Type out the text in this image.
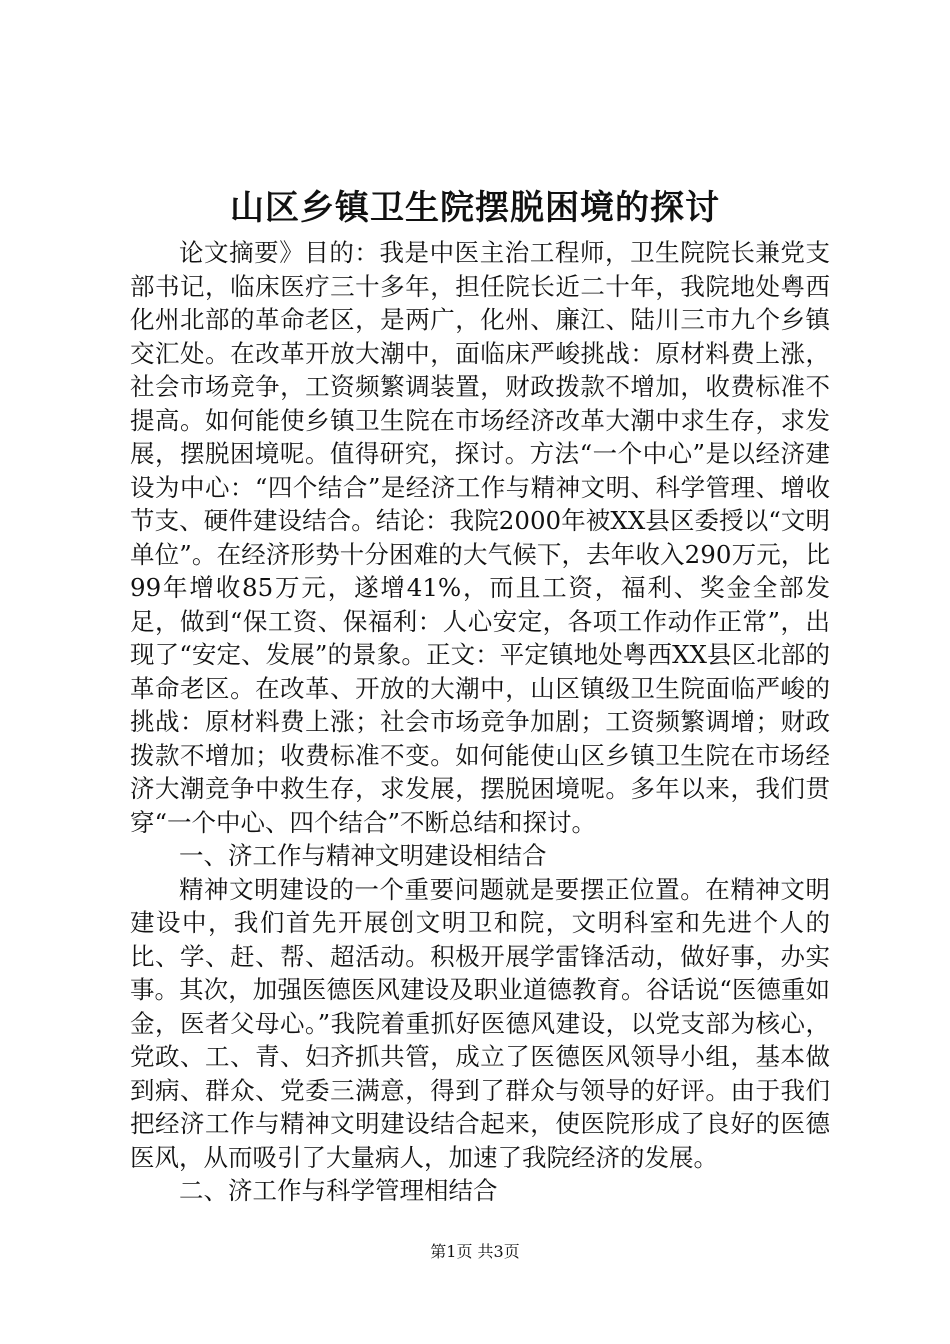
山区乡镇卫生院摆脱困境的探讨

论文摘要》目的：我是中医主治工程师，卫生院院长兼党支部书记，临床医疗三十多年，担任院长近二十年，我院地处粤西化州北部的革命老区，是两广，化州、廉江、陆川三市九个乡镇交汇处。在改革开放大潮中，面临床严峻挑战：原材料费上涨，社会市场竞争，工资频繁调装置，财政拨款不增加，收费标准不提高。如何能使乡镇卫生院在市场经济改革大潮中求生存，求发展，摆脱困境呢。值得研究，探讨。方法“一个中心”是以经济建设为中心：“四个结合”是经济工作与精神文明、科学管理、增收节支、硬件建设结合。结论：我院2000年被XX县区委授以“文明单位”。在经济形势十分困难的大气候下，去年收入290万元，比99年增收85万元，遂增41%，而且工资，福利、奖金全部发足，做到“保工资、保福利：人心安定，各项工作动作正常”，出现了“安定、发展”的景象。正文：平定镇地处粤西XX县区北部的革命老区。在改革、开放的大潮中，山区镇级卫生院面临严峻的挑战：原材料费上涨；社会市场竞争加剧；工资频繁调增；财政拨款不增加；收费标准不变。如何能使山区乡镇卫生院在市场经济大潮竞争中救生存，求发展，摆脱困境呢。多年以来，我们贯穿“一个中心、四个结合”不断总结和探讨。

一、济工作与精神文明建设相结合

精神文明建设的一个重要问题就是要摆正位置。在精神文明建设中，我们首先开展创文明卫和院，文明科室和先进个人的比、学、赶、帮、超活动。积极开展学雷锋活动，做好事，办实事。其次，加强医德医风建设及职业道德教育。谷话说“医德重如金，医者父母心。”我院着重抓好医德风建设，以党支部为核心，党政、工、青、妇齐抓共管，成立了医德医风领导小组，基本做到病、群众、党委三满意，得到了群众与领导的好评。由于我们把经济工作与精神文明建设结合起来，使医院形成了良好的医德医风，从而吸引了大量病人，加速了我院经济的发展。

二、济工作与科学管理相结合

第1页 共3页
